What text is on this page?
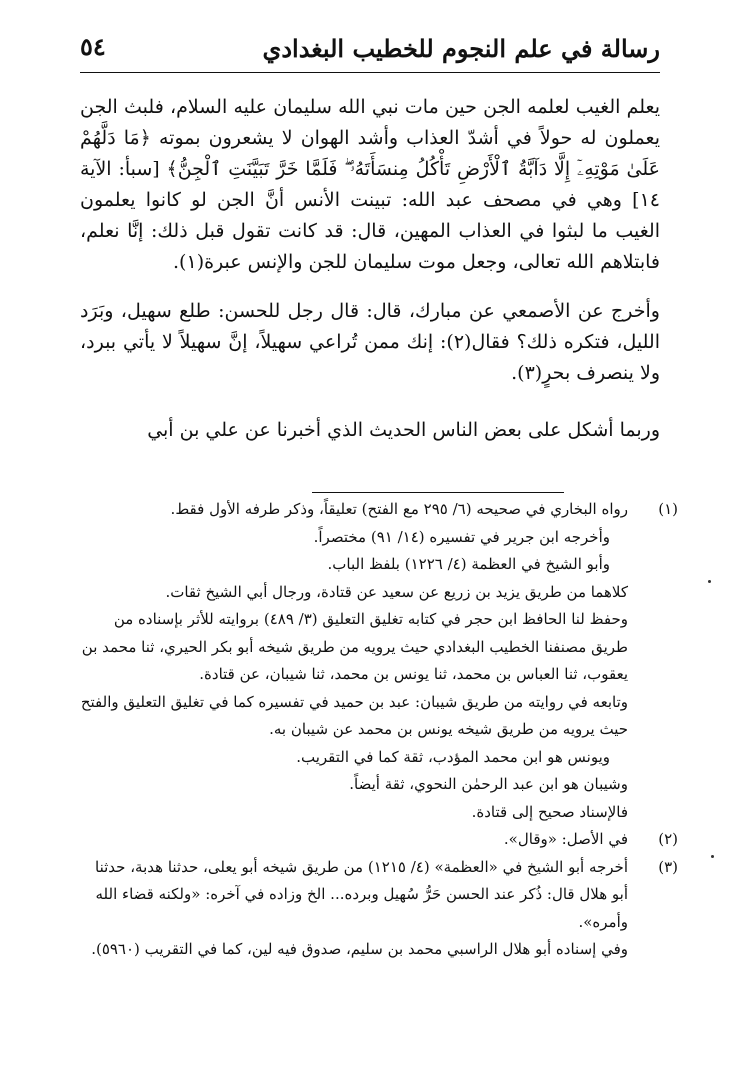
٥٤	رسالة في علم النجوم للخطيب البغدادي

يعلم الغيب لعلمه الجن حين مات نبي الله سليمان عليه السلام، فلبث الجن يعملون له حولاً في أشدّ العذاب وأشد الهوان لا يشعرون بموته ﴿مَا دَلَّهُمْ عَلَىٰ مَوْتِهِۦٓ إِلَّا دَآبَّةُ ٱلْأَرْضِ تَأْكُلُ مِنسَأَتَهُۥ ۖ فَلَمَّا خَرَّ تَبَيَّنَتِ ٱلْجِنُّ﴾ [سبأ: الآية ١٤] وهي في مصحف عبد الله: تبينت الأنس أنَّ الجن لو كانوا يعلمون الغيب ما لبثوا في العذاب المهين، قال: قد كانت تقول قبل ذلك: إنَّا نعلم، فابتلاهم الله تعالى، وجعل موت سليمان للجن والإنس عبرة(١).

وأخرج عن الأصمعي عن مبارك، قال: قال رجل للحسن: طلع سهيل، وبَرَد الليل، فتكره ذلك؟ فقال(٢): إنك ممن تُراعي سهيلاً، إنَّ سهيلاً لا يأتي ببرد، ولا ينصرف بحرٍ(٣).

وربما أشكل على بعض الناس الحديث الذي أخبرنا عن علي بن أبي

(١)

رواه البخاري في صحيحه (٦/ ٢٩٥ مع الفتح) تعليقاً، وذكر طرفه الأول فقط.

وأخرجه ابن جرير في تفسيره (١٤/ ٩١) مختصراً.

وأبو الشيخ في العظمة (٤/ ١٢٢٦) بلفظ الباب.

كلاهما من طريق يزيد بن زريع عن سعيد عن قتادة، ورجال أبي الشيخ ثقات.

وحفظ لنا الحافظ ابن حجر في كتابه تغليق التعليق (٣/ ٤٨٩) بروايته للأثر بإسناده من طريق مصنفنا الخطيب البغدادي حيث يرويه من طريق شيخه أبو بكر الحيري، ثنا محمد بن يعقوب، ثنا العباس بن محمد، ثنا يونس بن محمد، ثنا شيبان، عن قتادة.

وتابعه في روايته من طريق شيبان: عبد بن حميد في تفسيره كما في تغليق التعليق والفتح حيث يرويه من طريق شيخه يونس بن محمد عن شيبان به.

ويونس هو ابن محمد المؤدب، ثقة كما في التقريب.

وشيبان هو ابن عبد الرحمٰن النحوي، ثقة أيضاً.

فالإسناد صحيح إلى قتادة.

(٢)

في الأصل: «وقال».

(٣)

أخرجه أبو الشيخ في «العظمة» (٤/ ١٢١٥) من طريق شيخه أبو يعلى، حدثنا هدبة، حدثنا أبو هلال قال: ذُكر عند الحسن حَرُّ سُهيل وبرده... الخ وزاده في آخره: «ولكنه قضاء الله وأمره».

وفي إسناده أبو هلال الراسبي محمد بن سليم، صدوق فيه لين، كما في التقريب (٥٩٦٠).
